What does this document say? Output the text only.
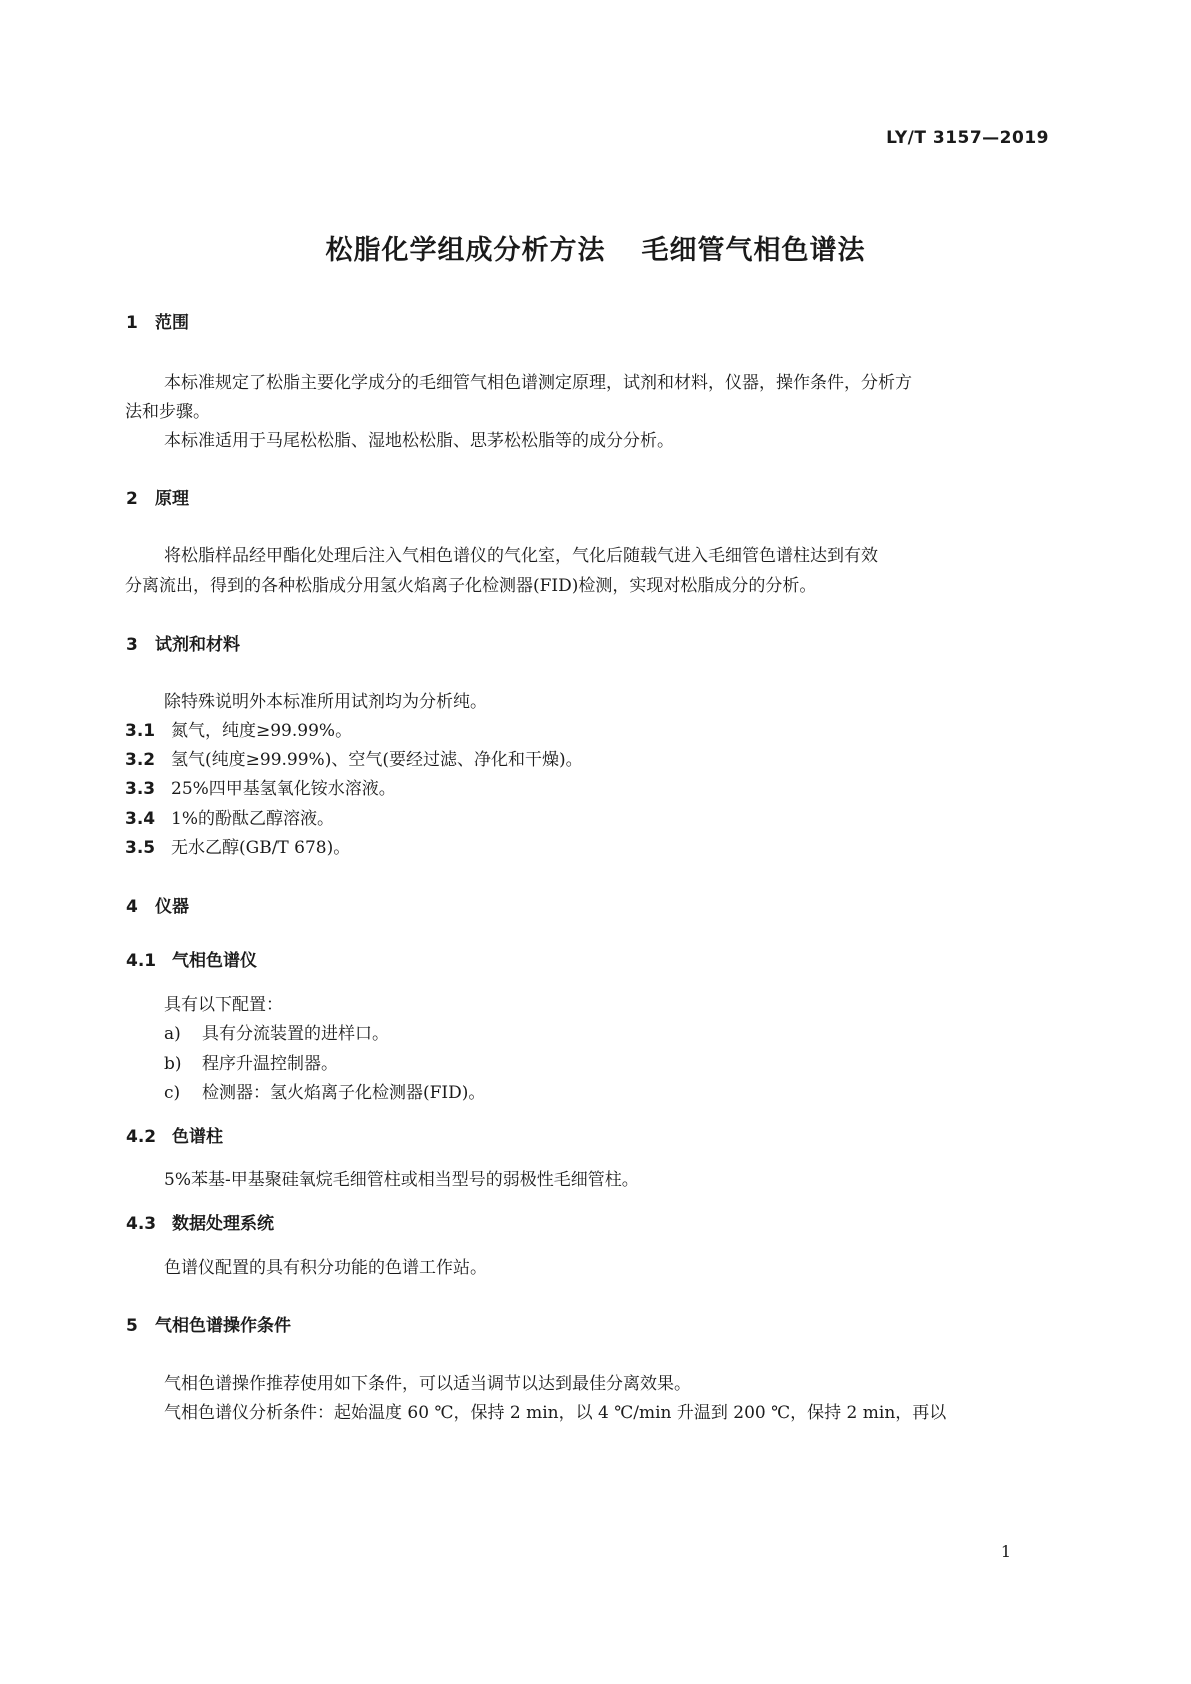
LY/T 3157—2019
松脂化学组成分析方法 毛细管气相色谱法
1 范围
本标准规定了松脂主要化学成分的毛细管气相色谱测定原理，试剂和材料，仪器，操作条件，分析方
法和步骤。
本标准适用于马尾松松脂、湿地松松脂、思茅松松脂等的成分分析。
2 原理
将松脂样品经甲酯化处理后注入气相色谱仪的气化室，气化后随载气进入毛细管色谱柱达到有效
分离流出，得到的各种松脂成分用氢火焰离子化检测器(FID)检测，实现对松脂成分的分析。
3 试剂和材料
除特殊说明外本标准所用试剂均为分析纯。
3.1 氮气，纯度≥99.99%。
3.2 氢气(纯度≥99.99%)、空气(要经过滤、净化和干燥)。
3.3 25%四甲基氢氧化铵水溶液。
3.4 1%的酚酞乙醇溶液。
3.5 无水乙醇(GB/T 678)。
4 仪器
4.1 气相色谱仪
具有以下配置：
a) 具有分流装置的进样口。
b) 程序升温控制器。
c) 检测器：氢火焰离子化检测器(FID)。
4.2 色谱柱
5%苯基-甲基聚硅氧烷毛细管柱或相当型号的弱极性毛细管柱。
4.3 数据处理系统
色谱仪配置的具有积分功能的色谱工作站。
5 气相色谱操作条件
气相色谱操作推荐使用如下条件，可以适当调节以达到最佳分离效果。
气相色谱仪分析条件：起始温度 60 ℃，保持 2 min，以 4 ℃/min 升温到 200 ℃，保持 2 min，再以
1
